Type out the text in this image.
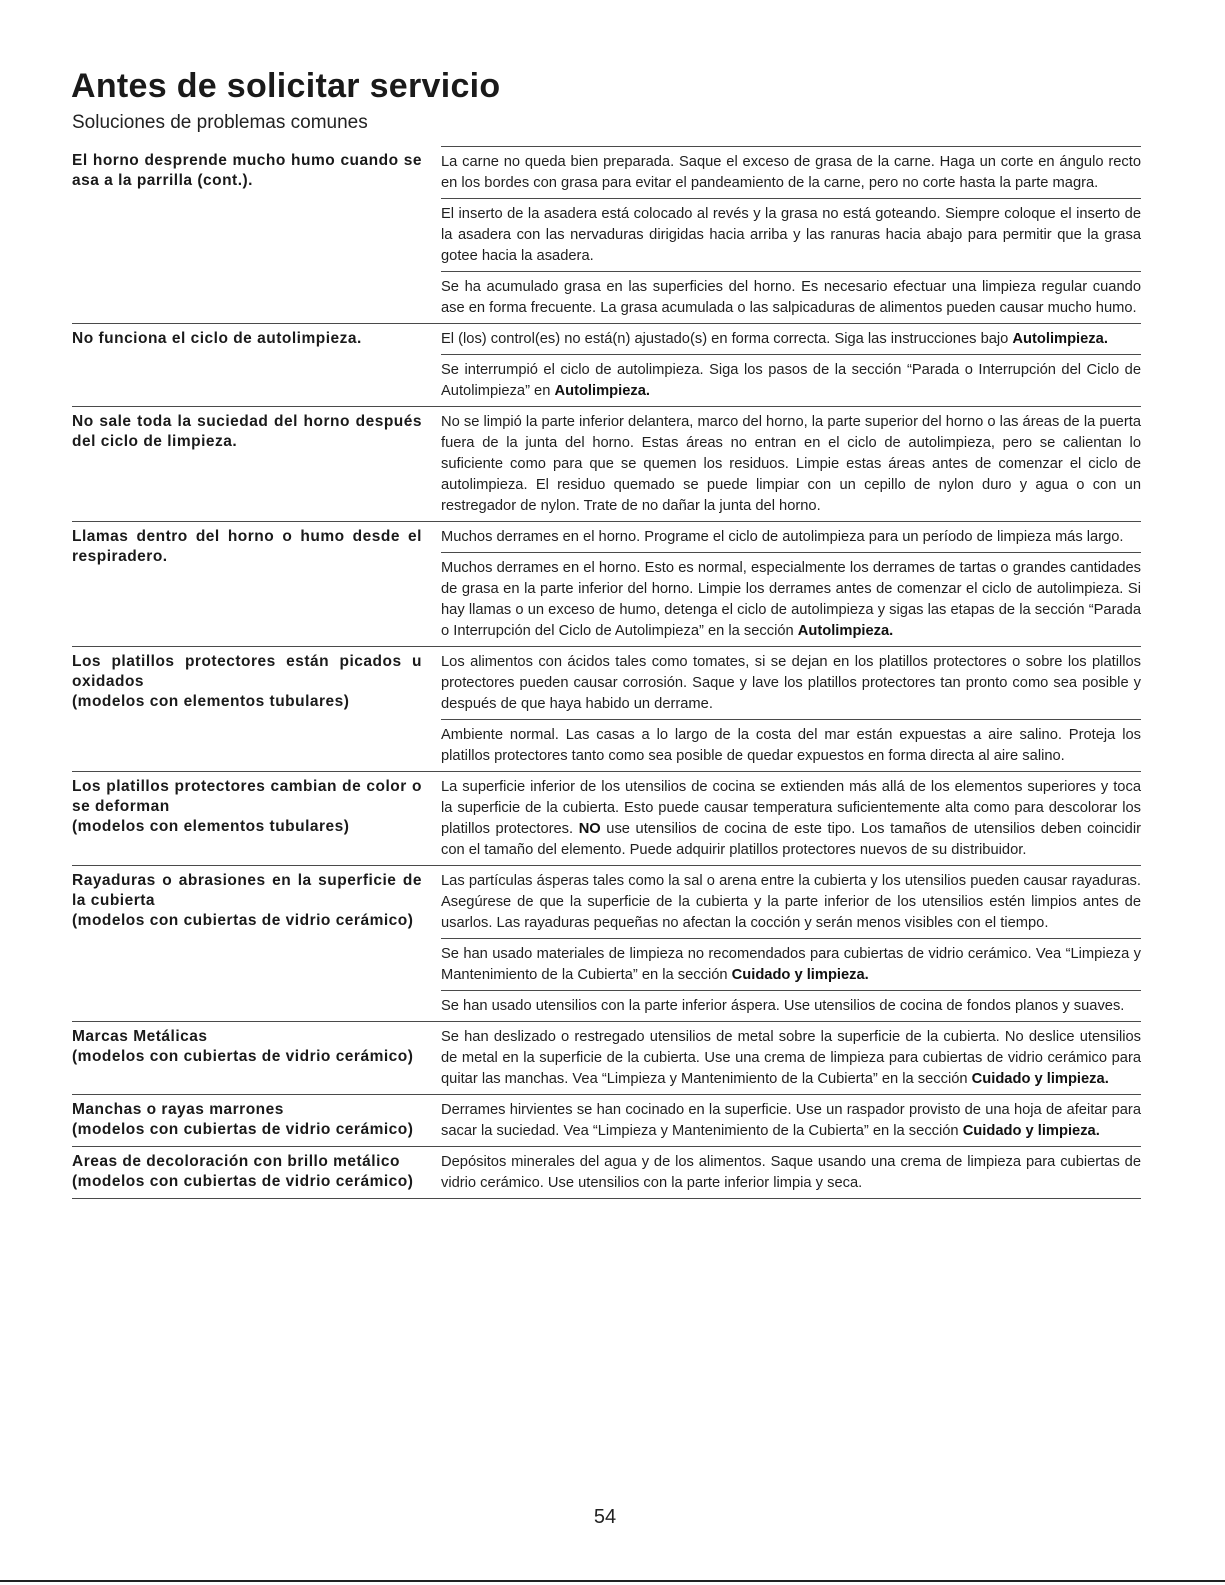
Antes de solicitar servicio
Soluciones de problemas comunes
El horno desprende mucho humo cuando se asa a la parrilla (cont.).

La carne no queda bien preparada. Saque el exceso de grasa de la carne. Haga un corte en ángulo recto en los bordes con grasa para evitar el pandeamiento de la carne, pero no corte hasta la parte magra.

El inserto de la asadera está colocado al revés y la grasa no está goteando. Siempre coloque el inserto de la asadera con las nervaduras dirigidas hacia arriba y las ranuras hacia abajo para permitir que la grasa gotee hacia la asadera.

Se ha acumulado grasa en las superficies del horno. Es necesario efectuar una limpieza regular cuando ase en forma frecuente. La grasa acumulada o las salpicaduras de alimentos pueden causar mucho humo.

No funciona el ciclo de autolimpieza.	El (los) control(es) no está(n) ajustado(s) en forma correcta. Siga las instrucciones bajo Autolimpieza.

Se interrumpió el ciclo de autolimpieza. Siga los pasos de la sección “Parada o Interrupción del Ciclo de Autolimpieza” en Autolimpieza.

No sale toda la suciedad del horno después del ciclo de limpieza.

No se limpió la parte inferior delantera, marco del horno, la parte superior del horno o las áreas de la puerta fuera de la junta del horno. Estas áreas no entran en el ciclo de autolimpieza, pero se calientan lo suficiente como para que se quemen los residuos. Limpie estas áreas antes de comenzar el ciclo de autolimpieza. El residuo quemado se puede limpiar con un cepillo de nylon duro y agua o con un restregador de nylon. Trate de no dañar la junta del horno.

Llamas dentro del horno o humo desde el respiradero.

Muchos derrames en el horno. Programe el ciclo de autolimpieza para un período de limpieza más largo.

Muchos derrames en el horno. Esto es normal, especialmente los derrames de tartas o grandes cantidades de grasa en la parte inferior del horno. Limpie los derrames antes de comenzar el ciclo de autolimpieza. Si hay llamas o un exceso de humo, detenga el ciclo de autolimpieza y sigas las etapas de la sección “Parada o Interrupción del Ciclo de Autolimpieza” en la sección Autolimpieza.

Los platillos protectores están picados u oxidados
(modelos con elementos tubulares)

Los alimentos con ácidos tales como tomates, si se dejan en los platillos protectores o sobre los platillos protectores pueden causar corrosión. Saque y lave los platillos protectores tan pronto como sea posible y después de que haya habido un derrame.

Ambiente normal. Las casas a lo largo de la costa del mar están expuestas a aire salino. Proteja los platillos protectores tanto como sea posible de quedar expuestos en forma directa al aire salino.

Los platillos protectores cambian de color o se deforman
(modelos con elementos tubulares)

La superficie inferior de los utensilios de cocina se extienden más allá de los elementos superiores y toca la superficie de la cubierta. Esto puede causar temperatura suficientemente alta como para descolorar los platillos protectores. NO use utensilios de cocina de este tipo. Los tamaños de utensilios deben coincidir con el tamaño del elemento. Puede adquirir platillos protectores nuevos de su distribuidor.

Rayaduras o abrasiones en la superficie de la cubierta
(modelos con cubiertas de vidrio cerámico)

Las partículas ásperas tales como la sal o arena entre la cubierta y los utensilios pueden causar rayaduras. Asegúrese de que la superficie de la cubierta y la parte inferior de los utensilios estén limpios antes de usarlos. Las rayaduras pequeñas no afectan la cocción y serán menos visibles con el tiempo.

Se han usado materiales de limpieza no recomendados para cubiertas de vidrio cerámico. Vea “Limpieza y Mantenimiento de la Cubierta” en la sección Cuidado y limpieza.

Se han usado utensilios con la parte inferior áspera. Use utensilios de cocina de fondos planos y suaves.

Marcas Metálicas
(modelos con cubiertas de vidrio cerámico)

Se han deslizado o restregado utensilios de metal sobre la superficie de la cubierta. No deslice utensilios de metal en la superficie de la cubierta. Use una crema de limpieza para cubiertas de vidrio cerámico para quitar las manchas. Vea “Limpieza y Mantenimiento de la Cubierta” en la sección Cuidado y limpieza.

Manchas o rayas marrones
(modelos con cubiertas de vidrio cerámico)

Derrames hirvientes se han cocinado en la superficie. Use un raspador provisto de una hoja de afeitar para sacar la suciedad. Vea “Limpieza y Mantenimiento de la Cubierta” en la sección Cuidado y limpieza.

Areas de decoloración con brillo metálico
(modelos con cubiertas de vidrio cerámico)

Depósitos minerales del agua y de los alimentos. Saque usando una crema de limpieza para cubiertas de vidrio cerámico. Use utensilios con la parte inferior limpia y seca.

54
